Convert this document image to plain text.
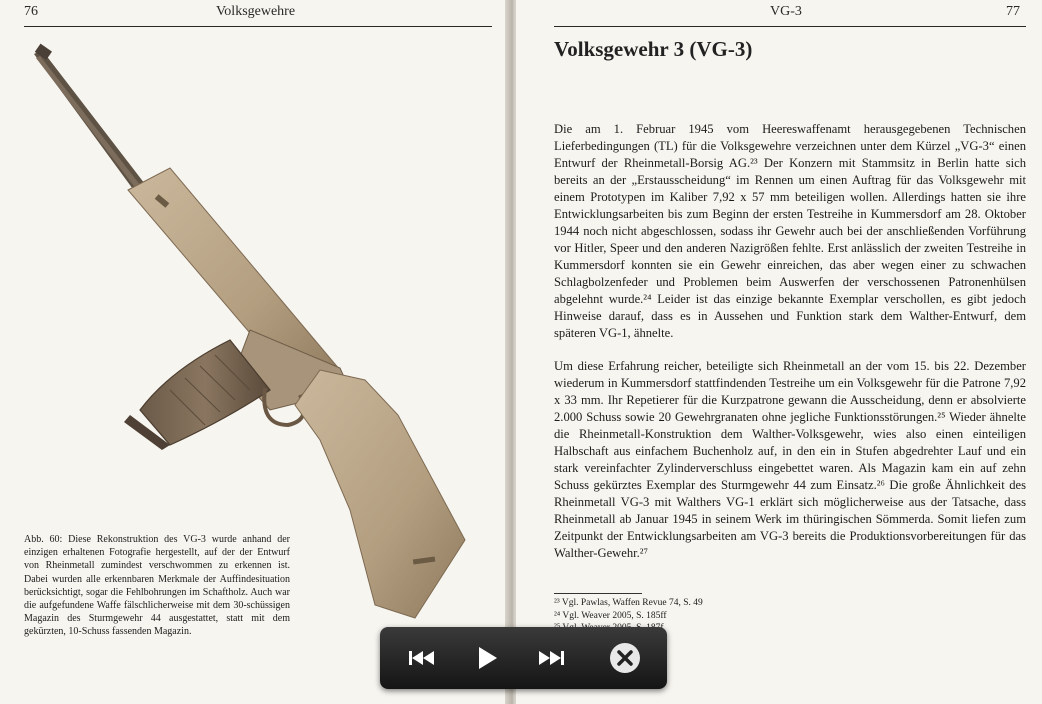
76	Volksgewehre
Abb. 60: Diese Rekonstruktion des VG-3 wurde anhand der einzigen erhaltenen Fotografie hergestellt, auf der der Entwurf von Rheinmetall zumindest verschwommen zu erkennen ist. Dabei wurden alle erkennbaren Merkmale der Auffindesituation berücksichtigt, sogar die Fehlbohrungen im Schaftholz. Auch war die aufgefundene Waffe fälschlicherweise mit dem 30-schüssigen Magazin des Sturmgewehr 44 ausgestattet, statt mit dem gekürzten, 10-Schuss fassenden Magazin.
VG-3	77
Volksgewehr 3 (VG-3)
Die am 1. Februar 1945 vom Heereswaffenamt herausgegebenen Technischen Lieferbedingungen (TL) für die Volksgewehre verzeichnen unter dem Kürzel „VG-3“ einen Entwurf der Rheinmetall-Borsig AG.²³ Der Konzern mit Stammsitz in Berlin hatte sich bereits an der „Erstausscheidung“ im Rennen um einen Auftrag für das Volksgewehr mit einem Prototypen im Kaliber 7,92 x 57 mm beteiligen wollen. Allerdings hatten sie ihre Entwicklungsarbeiten bis zum Beginn der ersten Testreihe in Kummersdorf am 28. Oktober 1944 noch nicht abgeschlossen, sodass ihr Gewehr auch bei der anschließenden Vorführung vor Hitler, Speer und den anderen Nazigrößen fehlte. Erst anlässlich der zweiten Testreihe in Kummersdorf konnten sie ein Gewehr einreichen, das aber wegen einer zu schwachen Schlagbolzenfeder und Problemen beim Auswerfen der verschossenen Patronenhülsen abgelehnt wurde.²⁴ Leider ist das einzige bekannte Exemplar verschollen, es gibt jedoch Hinweise darauf, dass es in Aussehen und Funktion stark dem Walther-Entwurf, dem späteren VG-1, ähnelte.
Um diese Erfahrung reicher, beteiligte sich Rheinmetall an der vom 15. bis 22. Dezember wiederum in Kummersdorf stattfindenden Testreihe um ein Volksgewehr für die Patrone 7,92 x 33 mm. Ihr Repetierer für die Kurzpatrone gewann die Ausscheidung, denn er absolvierte 2.000 Schuss sowie 20 Gewehrgranaten ohne jegliche Funktionsstörungen.²⁵ Wieder ähnelte die Rheinmetall-Konstruktion dem Walther-Volksgewehr, wies also einen einteiligen Halbschaft aus einfachem Buchenholz auf, in den ein in Stufen abgedrehter Lauf und ein stark vereinfachter Zylinderverschluss eingebettet waren. Als Magazin kam ein auf zehn Schuss gekürztes Exemplar des Sturmgewehr 44 zum Einsatz.²⁶ Die große Ähnlichkeit des Rheinmetall VG-3 mit Walthers VG-1 erklärt sich möglicherweise aus der Tatsache, dass Rheinmetall ab Januar 1945 in seinem Werk im thüringischen Sömmerda. Somit liefen zum Zeitpunkt der Entwicklungsarbeiten am VG-3 bereits die Produktionsvorbereitungen für das Walther-Gewehr.²⁷
²³ Vgl. Pawlas, Waffen Revue 74, S. 49
²⁴ Vgl. Weaver 2005, S. 185ff
